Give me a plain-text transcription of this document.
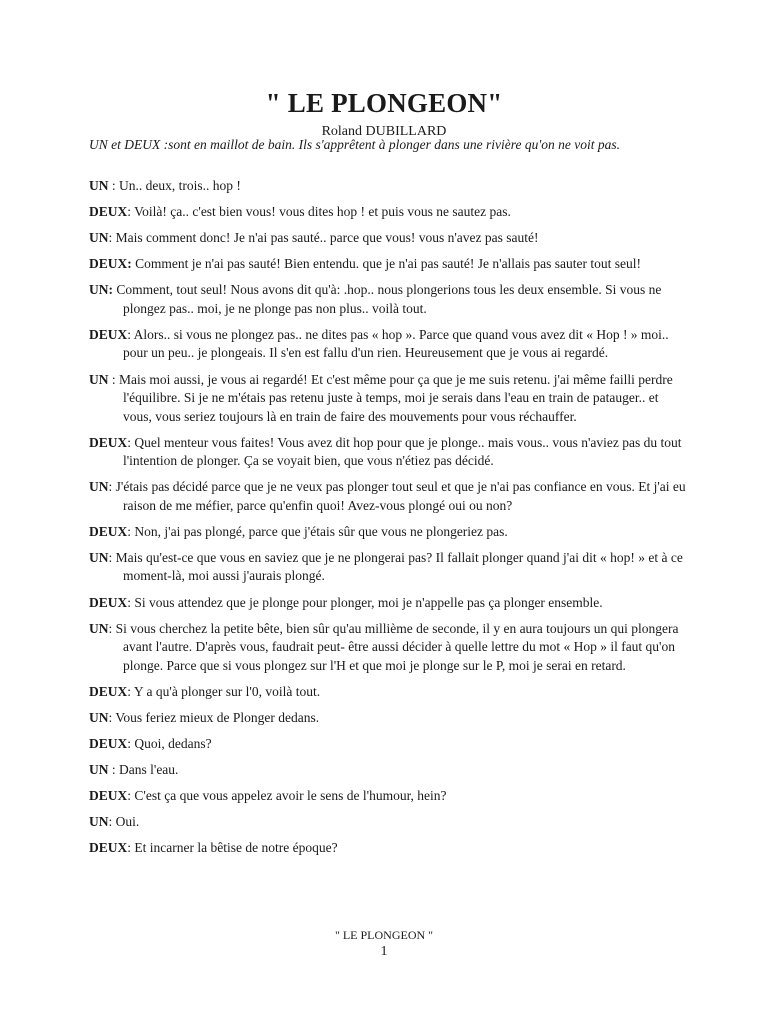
" LE PLONGEON"
Roland DUBILLARD
UN et DEUX :sont en maillot de bain. Ils s'apprêtent à plonger dans une rivière qu'on ne voit pas.

UN : Un.. deux, trois.. hop !

DEUX: Voilà! ça.. c'est bien vous! vous dites hop ! et puis vous ne sautez pas.

UN: Mais comment donc! Je n'ai pas sauté.. parce que vous! vous n'avez pas sauté!

DEUX: Comment je n'ai pas sauté! Bien entendu. que je n'ai pas sauté! Je n'allais pas sauter tout seul!

UN: Comment, tout seul! Nous avons dit qu'à: .hop.. nous plongerions tous les deux ensemble. Si vous ne plongez pas.. moi, je ne plonge pas non plus.. voilà tout.

DEUX: Alors.. si vous ne plongez pas.. ne dites pas « hop ». Parce que quand vous avez dit « Hop ! » moi.. pour un peu.. je plongeais. Il s'en est fallu d'un rien. Heureusement que je vous ai regardé.

UN : Mais moi aussi, je vous ai regardé! Et c'est même pour ça que je me suis retenu. j'ai même failli perdre l'équilibre. Si je ne m'étais pas retenu juste à temps, moi je serais dans l'eau en train de patauger.. et vous, vous seriez toujours là en train de faire des mouvements pour vous réchauffer.

DEUX: Quel menteur vous faites! Vous avez dit hop pour que je plonge.. mais vous.. vous n'aviez pas du tout l'intention de plonger. Ça se voyait bien, que vous n'étiez pas décidé.

UN: J'étais pas décidé parce que je ne veux pas plonger tout seul et que je n'ai pas confiance en vous. Et j'ai eu raison de me méfier, parce qu'enfin quoi! Avez-vous plongé oui ou non?

DEUX: Non, j'ai pas plongé, parce que j'étais sûr que vous ne plongeriez pas.

UN: Mais qu'est-ce que vous en saviez que je ne plongerai pas? Il fallait plonger quand j'ai dit « hop! » et à ce moment-là, moi aussi j'aurais plongé.

DEUX: Si vous attendez que je plonge pour plonger, moi je n'appelle pas ça plonger ensemble.

UN: Si vous cherchez la petite bête, bien sûr qu'au millième de seconde, il y en aura toujours un qui plongera avant l'autre. D'après vous, faudrait peut- être aussi décider à quelle lettre du mot « Hop » il faut qu'on plonge. Parce que si vous plongez sur l'H et que moi je plonge sur le P, moi je serai en retard.

DEUX: Y a qu'à plonger sur l'0, voilà tout.

UN: Vous feriez mieux de Plonger dedans.

DEUX: Quoi, dedans?

UN : Dans l'eau.

DEUX: C'est ça que vous appelez avoir le sens de l'humour, hein?

UN: Oui.

DEUX: Et incarner la bêtise de notre époque?

" LE PLONGEON "
1
